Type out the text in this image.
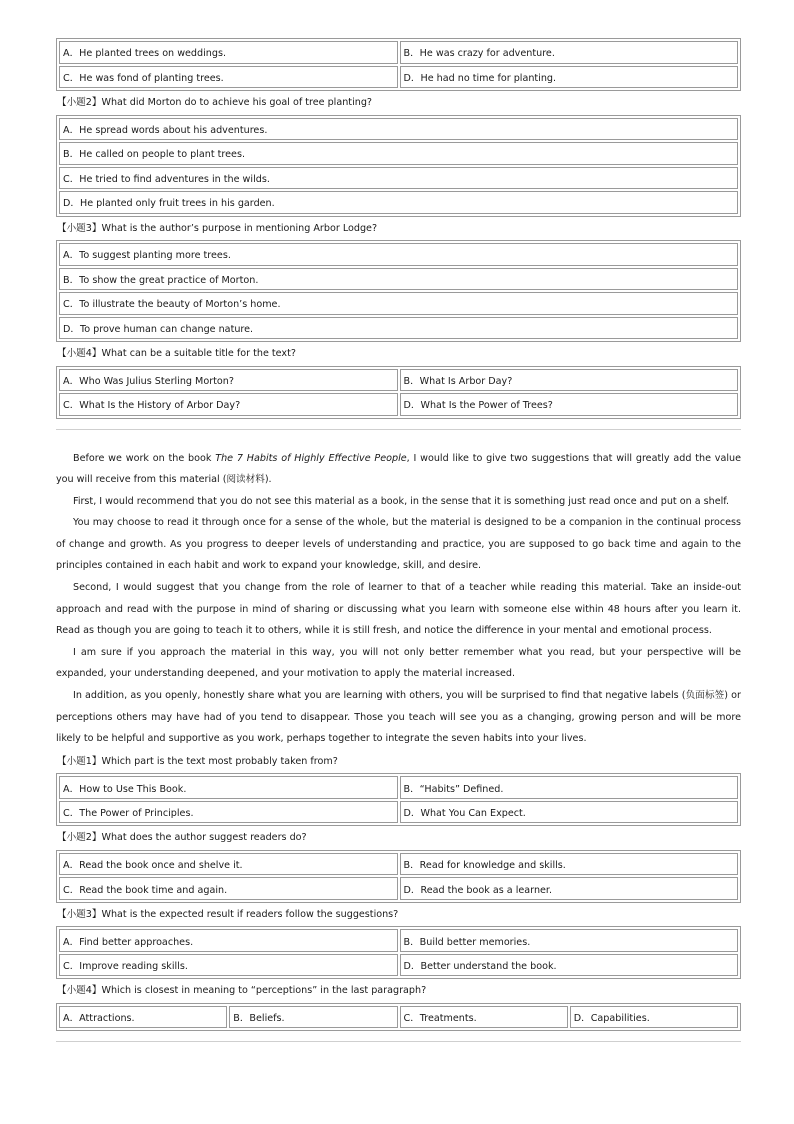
A．He planted trees on weddings.	B．He was crazy for adventure.
C．He was fond of planting trees.	D．He had no time for planting.
【小题2】What did Morton do to achieve his goal of tree planting?
A．He spread words about his adventures.
B．He called on people to plant trees.
C．He tried to find adventures in the wilds.
D．He planted only fruit trees in his garden.
【小题3】What is the author’s purpose in mentioning Arbor Lodge?
A．To suggest planting more trees.
B．To show the great practice of Morton.
C．To illustrate the beauty of Morton’s home.
D．To prove human can change nature.
【小题4】What can be a suitable title for the text?
A．Who Was Julius Sterling Morton?	B．What Is Arbor Day?
C．What Is the History of Arbor Day?	D．What Is the Power of Trees?

Before we work on the book The 7 Habits of Highly Effective People, I would like to give two suggestions that will greatly add the value you will receive from this material (阅读材料).

First, I would recommend that you do not see this material as a book, in the sense that it is something just read once and put on a shelf.

You may choose to read it through once for a sense of the whole, but the material is designed to be a companion in the continual process of change and growth. As you progress to deeper levels of understanding and practice, you are supposed to go back time and again to the principles contained in each habit and work to expand your knowledge, skill, and desire.

Second, I would suggest that you change from the role of learner to that of a teacher while reading this material. Take an inside-out approach and read with the purpose in mind of sharing or discussing what you learn with someone else within 48 hours after you learn it. Read as though you are going to teach it to others, while it is still fresh, and notice the difference in your mental and emotional process.

I am sure if you approach the material in this way, you will not only better remember what you read, but your perspective will be expanded, your understanding deepened, and your motivation to apply the material increased.

In addition, as you openly, honestly share what you are learning with others, you will be surprised to find that negative labels (负面标签) or perceptions others may have had of you tend to disappear. Those you teach will see you as a changing, growing person and will be more likely to be helpful and supportive as you work, perhaps together to integrate the seven habits into your lives.

【小题1】Which part is the text most probably taken from?
A．How to Use This Book.	B．“Habits” Defined.
C．The Power of Principles.	D．What You Can Expect.
【小题2】What does the author suggest readers do?
A．Read the book once and shelve it.	B．Read for knowledge and skills.
C．Read the book time and again.	D．Read the book as a learner.
【小题3】What is the expected result if readers follow the suggestions?
A．Find better approaches.	B．Build better memories.
C．Improve reading skills.	D．Better understand the book.
【小题4】Which is closest in meaning to “perceptions” in the last paragraph?
A．Attractions.	B．Beliefs.	C．Treatments.	D．Capabilities.
